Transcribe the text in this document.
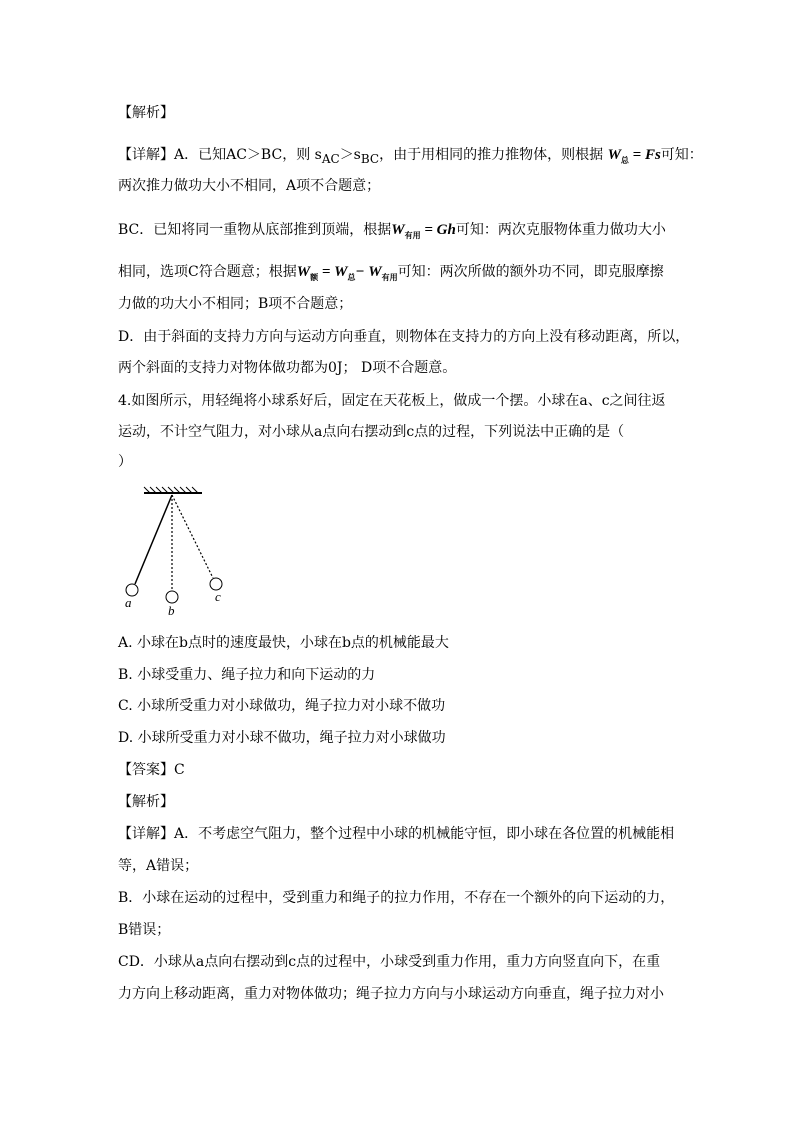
【解析】
【详解】A．已知AC＞BC，则 $s_{AC}>s_{BC}$，由于用相同的推力推物体，则根据 $W_总 = Fs$可知：
两次推力做功大小不相同，A项不合题意；
BC．已知将同一重物从底部推到顶端，根据$W_{有用} = Gh$可知：两次克服物体重力做功大小
相同，选项C符合题意；根据$W_额 = W_总- W_{有用}$可知：两次所做的额外功不同，即克服摩擦
力做的功大小不相同；B项不合题意；
D．由于斜面的支持力方向与运动方向垂直，则物体在支持力的方向上没有移动距离，所以，
两个斜面的支持力对物体做功都为0J； D项不合题意。
4.如图所示，用轻绳将小球系好后，固定在天花板上，做成一个摆。小球在a、c之间往返
运动，不计空气阻力，对小球从a点向右摆动到c点的过程，下列说法中正确的是（
）
a
b
c
A. 小球在b点时的速度最快，小球在b点的机械能最大
B. 小球受重力、绳子拉力和向下运动的力
C. 小球所受重力对小球做功，绳子拉力对小球不做功
D. 小球所受重力对小球不做功，绳子拉力对小球做功
【答案】C
【解析】
【详解】A．不考虑空气阻力，整个过程中小球的机械能守恒，即小球在各位置的机械能相
等，A错误；
B．小球在运动的过程中，受到重力和绳子的拉力作用，不存在一个额外的向下运动的力，
B错误；
CD．小球从a点向右摆动到c点的过程中，小球受到重力作用，重力方向竖直向下，在重
力方向上移动距离，重力对物体做功；绳子拉力方向与小球运动方向垂直，绳子拉力对小
